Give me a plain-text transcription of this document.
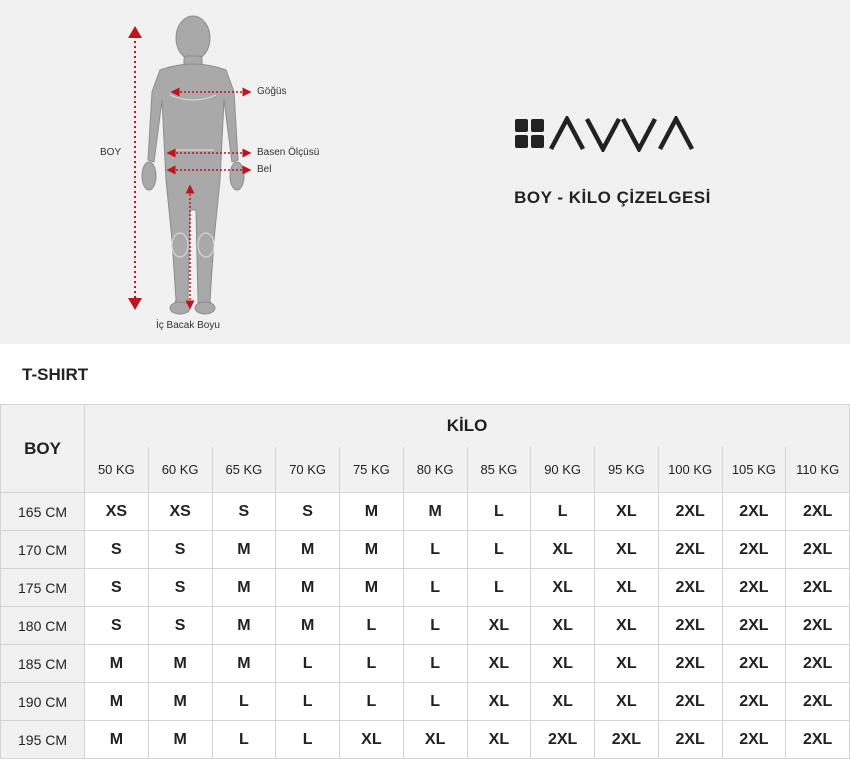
BOY
Göğüs
Basen Ölçüsü
Bel
İç Bacak Boyu
BOY - KİLO ÇİZELGESİ
T-SHIRT
BOY	KİLO											
	50 KG	60 KG	65 KG	70 KG	75 KG	80 KG	85 KG	90 KG	95 KG	100 KG	105 KG	110 KG
165 CM	XS	XS	S	S	M	M	L	L	XL	2XL	2XL	2XL
170 CM	S	S	M	M	M	L	L	XL	XL	2XL	2XL	2XL
175 CM	S	S	M	M	M	L	L	XL	XL	2XL	2XL	2XL
180 CM	S	S	M	M	L	L	XL	XL	XL	2XL	2XL	2XL
185 CM	M	M	M	L	L	L	XL	XL	XL	2XL	2XL	2XL
190 CM	M	M	L	L	L	L	XL	XL	XL	2XL	2XL	2XL
195 CM	M	M	L	L	XL	XL	XL	2XL	2XL	2XL	2XL	2XL
